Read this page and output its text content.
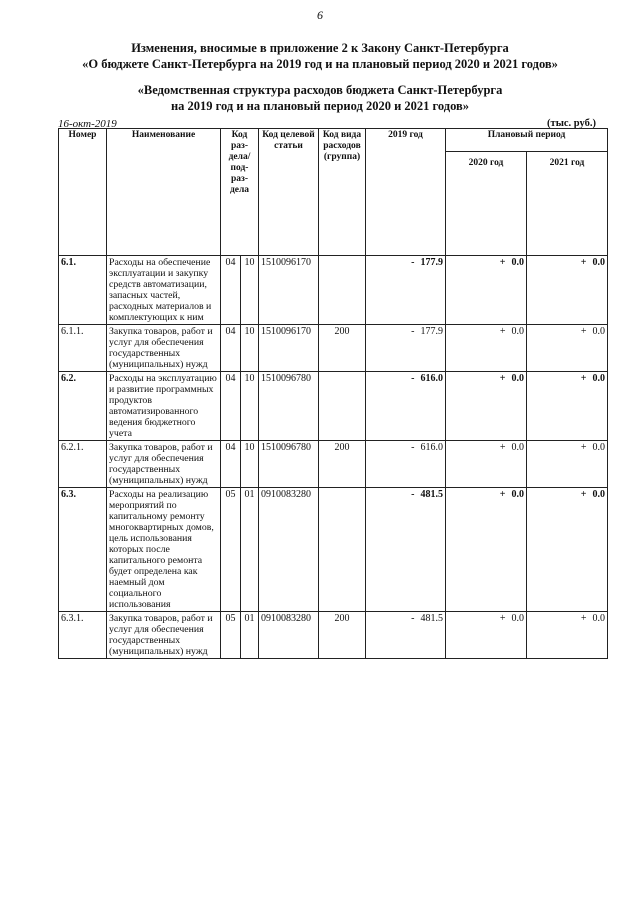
6
Изменения, вносимые в приложение 2 к Закону Санкт-Петербурга
«О бюджете Санкт-Петербурга на 2019 год и на плановый период 2020 и 2021 годов»
«Ведомственная структура расходов бюджета Санкт-Петербурга
на 2019 год и на плановый период 2020 и 2021 годов»
16-окт-2019	(тыс. руб.)
Номер	Наименование	Код раз-дела/ под-раз-дела		Код целевой статьи	Код вида расходов (группа)	2019 год	Плановый период	
							2020 год	2021 год
6.1.	Расходы на обеспечение эксплуатации и закупку средств автоматизации, запасных частей, расходных материалов и комплектующих к ним	04	10	1510096170		- 177.9	+ 0.0	+ 0.0
6.1.1.	Закупка товаров, работ и услуг для обеспечения государственных (муниципальных) нужд	04	10	1510096170	200	- 177.9	+ 0.0	+ 0.0
6.2.	Расходы на эксплуатацию и развитие программных продуктов автоматизированного ведения бюджетного учета	04	10	1510096780		- 616.0	+ 0.0	+ 0.0
6.2.1.	Закупка товаров, работ и услуг для обеспечения государственных (муниципальных) нужд	04	10	1510096780	200	- 616.0	+ 0.0	+ 0.0
6.3.	Расходы на реализацию мероприятий по капитальному ремонту многоквартирных домов, цель использования которых после капитального ремонта будет определена как наемный дом социального использования	05	01	0910083280		- 481.5	+ 0.0	+ 0.0
6.3.1.	Закупка товаров, работ и услуг для обеспечения государственных (муниципальных) нужд	05	01	0910083280	200	- 481.5	+ 0.0	+ 0.0
